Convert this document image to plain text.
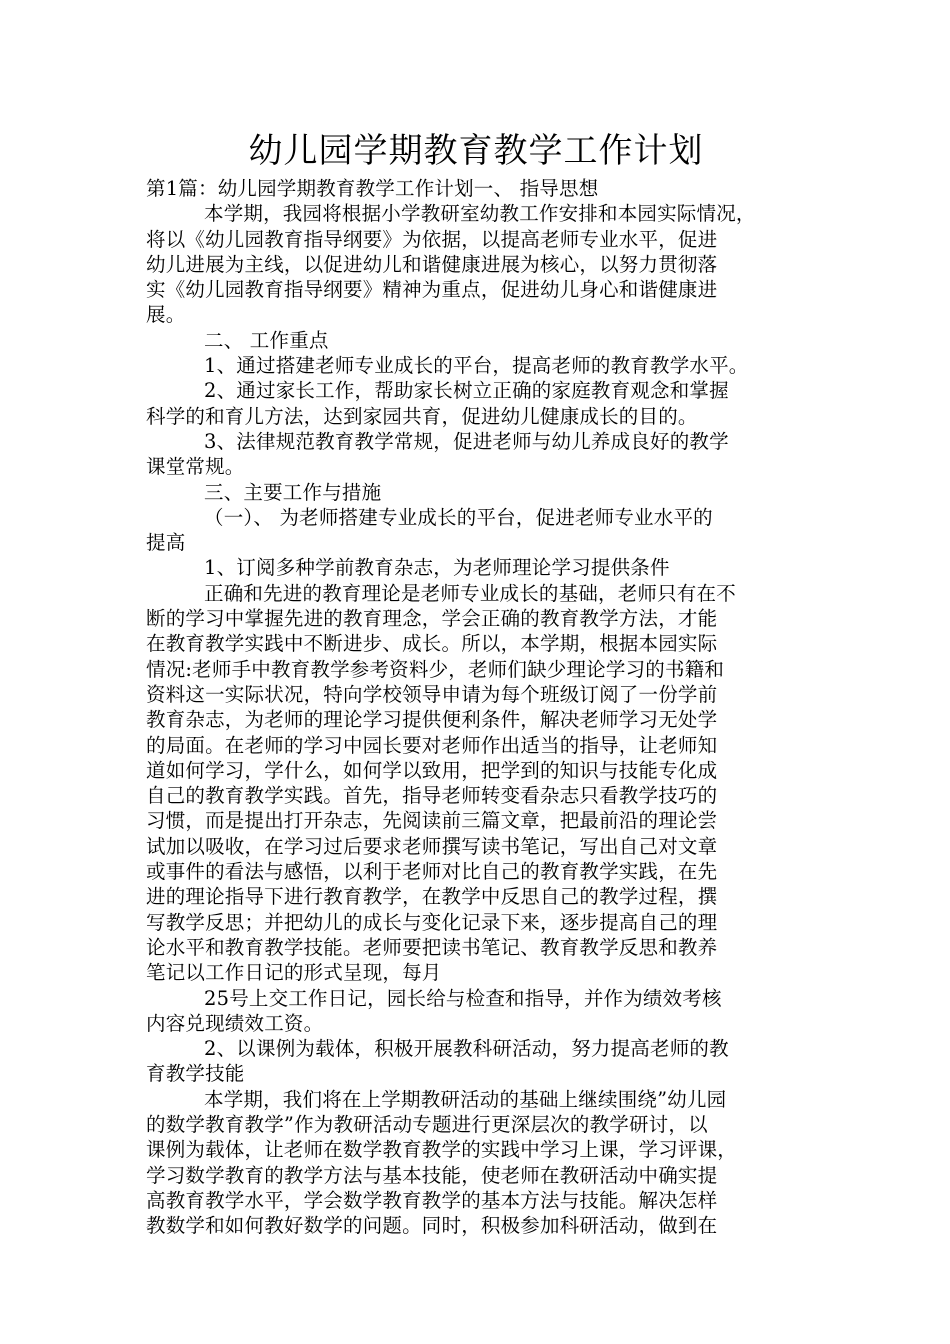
幼儿园学期教育教学工作计划

第1篇：幼儿园学期教育教学工作计划一、 指导思想

本学期，我园将根据小学教研室幼教工作安排和本园实际情况，

将以《幼儿园教育指导纲要》为依据，以提高老师专业水平，促进

幼儿进展为主线，以促进幼儿和谐健康进展为核心，以努力贯彻落

实《幼儿园教育指导纲要》精神为重点，促进幼儿身心和谐健康进

展。

二、 工作重点

1、通过搭建老师专业成长的平台，提高老师的教育教学水平。

2、通过家长工作，帮助家长树立正确的家庭教育观念和掌握

科学的和育儿方法，达到家园共育，促进幼儿健康成长的目的。

3、法律规范教育教学常规，促进老师与幼儿养成良好的教学

课堂常规。

三、主要工作与措施

（一）、 为老师搭建专业成长的平台，促进老师专业水平的

提高

1、订阅多种学前教育杂志，为老师理论学习提供条件

正确和先进的教育理论是老师专业成长的基础，老师只有在不

断的学习中掌握先进的教育理念，学会正确的教育教学方法，才能

在教育教学实践中不断进步、成长。所以，本学期，根据本园实际

情况:老师手中教育教学参考资料少，老师们缺少理论学习的书籍和

资料这一实际状况，特向学校领导申请为每个班级订阅了一份学前

教育杂志，为老师的理论学习提供便利条件，解决老师学习无处学

的局面。在老师的学习中园长要对老师作出适当的指导，让老师知

道如何学习，学什么，如何学以致用，把学到的知识与技能专化成

自己的教育教学实践。首先，指导老师转变看杂志只看教学技巧的

习惯，而是提出打开杂志，先阅读前三篇文章，把最前沿的理论尝

试加以吸收，在学习过后要求老师撰写读书笔记，写出自己对文章

或事件的看法与感悟，以利于老师对比自己的教育教学实践，在先

进的理论指导下进行教育教学，在教学中反思自己的教学过程，撰

写教学反思；并把幼儿的成长与变化记录下来，逐步提高自己的理

论水平和教育教学技能。老师要把读书笔记、教育教学反思和教养

笔记以工作日记的形式呈现，每月

25号上交工作日记，园长给与检查和指导，并作为绩效考核

内容兑现绩效工资。

2、以课例为载体，积极开展教科研活动，努力提高老师的教

育教学技能

本学期，我们将在上学期教研活动的基础上继续围绕”幼儿园

的数学教育教学”作为教研活动专题进行更深层次的教学研讨，以

课例为载体，让老师在数学教育教学的实践中学习上课，学习评课，

学习数学教育的教学方法与基本技能，使老师在教研活动中确实提

高教育教学水平，学会数学教育教学的基本方法与技能。解决怎样

教数学和如何教好数学的问题。同时，积极参加科研活动，做到在
